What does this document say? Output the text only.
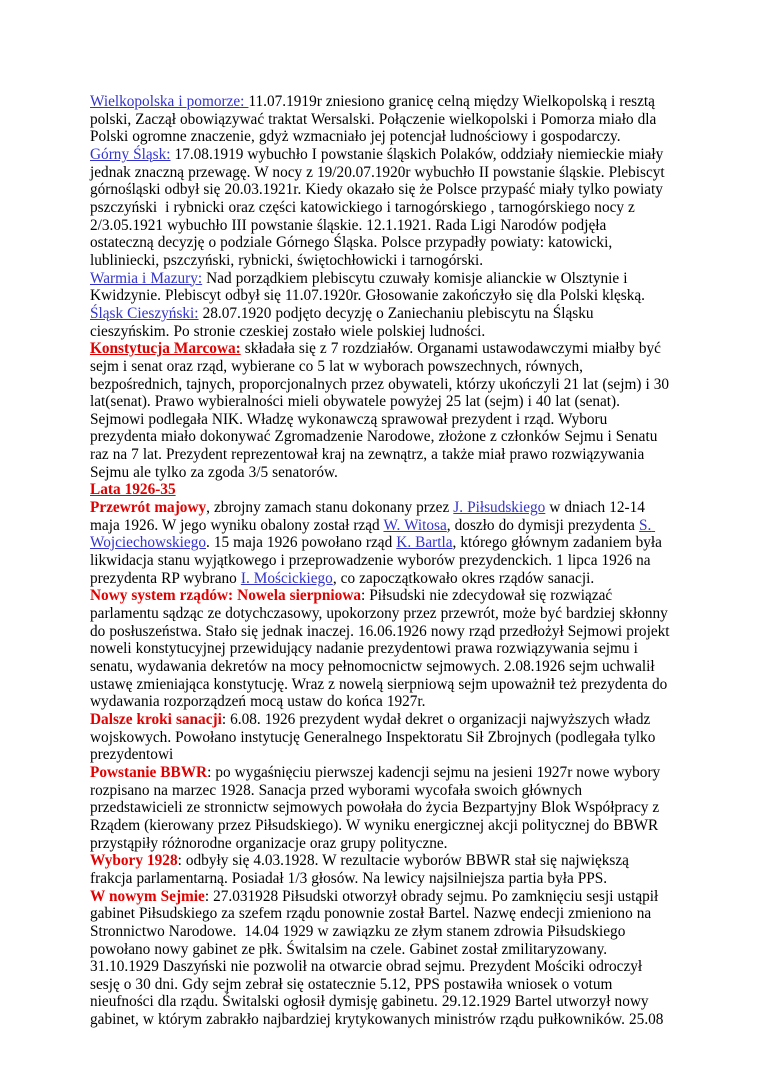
Wielkopolska i pomorze: 11.07.1919r zniesiono granicę celną między Wielkopolską i resztą polski, Zaczął obowiązywać traktat Wersalski. Połączenie wielkopolski i Pomorza miało dla Polski ogromne znaczenie, gdyż wzmacniało jej potencjał ludnościowy i gospodarczy.

Górny Śląsk: 17.08.1919 wybuchło I powstanie śląskich Polaków, oddziały niemieckie miały jednak znaczną przewagę. W nocy z 19/20.07.1920r wybuchło II powstanie śląskie. Plebiscyt górnośląski odbył się 20.03.1921r. Kiedy okazało się że Polsce przypaść miały tylko powiaty pszczyński  i rybnicki oraz części katowickiego i tarnogórskiego , tarnogórskiego nocy z 2/3.05.1921 wybuchło III powstanie śląskie. 12.1.1921. Rada Ligi Narodów podjęła ostateczną decyzję o podziale Górnego Śląska. Polsce przypadły powiaty: katowicki, lubliniecki, pszczyński, rybnicki, świętochłowicki i tarnogórski.

Warmia i Mazury: Nad porządkiem plebiscytu czuwały komisje alianckie w Olsztynie i Kwidzynie. Plebiscyt odbył się 11.07.1920r. Głosowanie zakończyło się dla Polski klęską.

Śląsk Cieszyński: 28.07.1920 podjęto decyzję o Zaniechaniu plebiscytu na Śląsku cieszyńskim. Po stronie czeskiej zostało wiele polskiej ludności.

Konstytucja Marcowa: składała się z 7 rozdziałów. Organami ustawodawczymi miałby być sejm i senat oraz rząd, wybierane co 5 lat w wyborach powszechnych, równych, bezpośrednich, tajnych, proporcjonalnych przez obywateli, którzy ukończyli 21 lat (sejm) i 30 lat(senat). Prawo wybieralności mieli obywatele powyżej 25 lat (sejm) i 40 lat (senat). Sejmowi podlegała NIK. Władzę wykonawczą sprawował prezydent i rząd. Wyboru prezydenta miało dokonywać Zgromadzenie Narodowe, złożone z członków Sejmu i Senatu raz na 7 lat. Prezydent reprezentował kraj na zewnątrz, a także miał prawo rozwiązywania Sejmu ale tylko za zgoda 3/5 senatorów.

Lata 1926-35

Przewrót majowy, zbrojny zamach stanu dokonany przez J. Piłsudskiego w dniach 12-14 maja 1926. W jego wyniku obalony został rząd W. Witosa, doszło do dymisji prezydenta S. Wojciechowskiego. 15 maja 1926 powołano rząd K. Bartla, którego głównym zadaniem była likwidacja stanu wyjątkowego i przeprowadzenie wyborów prezydenckich. 1 lipca 1926 na prezydenta RP wybrano I. Mościckiego, co zapoczątkowało okres rządów sanacji.

Nowy system rządów: Nowela sierpniowa: Piłsudski nie zdecydował się rozwiązać parlamentu sądząc ze dotychczasowy, upokorzony przez przewrót, może być bardziej skłonny do posłuszeństwa. Stało się jednak inaczej. 16.06.1926 nowy rząd przedłożył Sejmowi projekt noweli konstytucyjnej przewidujący nadanie prezydentowi prawa rozwiązywania sejmu i senatu, wydawania dekretów na mocy pełnomocnictw sejmowych. 2.08.1926 sejm uchwalił ustawę zmieniająca konstytucję. Wraz z nowelą sierpniową sejm upoważnił też prezydenta do wydawania rozporządzeń mocą ustaw do końca 1927r.

Dalsze kroki sanacji: 6.08. 1926 prezydent wydał dekret o organizacji najwyższych władz wojskowych. Powołano instytucję Generalnego Inspektoratu Sił Zbrojnych (podlegała tylko prezydentowi

Powstanie BBWR: po wygaśnięciu pierwszej kadencji sejmu na jesieni 1927r nowe wybory rozpisano na marzec 1928. Sanacja przed wyborami wycofała swoich głównych przedstawicieli ze stronnictw sejmowych powołała do życia Bezpartyjny Blok Współpracy z Rządem (kierowany przez Piłsudskiego). W wyniku energicznej akcji politycznej do BBWR przystąpiły różnorodne organizacje oraz grupy polityczne.

Wybory 1928: odbyły się 4.03.1928. W rezultacie wyborów BBWR stał się największą frakcja parlamentarną. Posiadał 1/3 głosów. Na lewicy najsilniejsza partia była PPS.

W nowym Sejmie: 27.031928 Piłsudski otworzył obrady sejmu. Po zamknięciu sesji ustąpił gabinet Piłsudskiego za szefem rządu ponownie został Bartel. Nazwę endecji zmieniono na Stronnictwo Narodowe.  14.04 1929 w zawiązku ze złym stanem zdrowia Piłsudskiego powołano nowy gabinet ze płk. Świtalsim na czele. Gabinet został zmilitaryzowany. 31.10.1929 Daszyński nie pozwolił na otwarcie obrad sejmu. Prezydent Mościki odroczył sesję o 30 dni. Gdy sejm zebrał się ostatecznie 5.12, PPS postawiła wniosek o votum nieufności dla rządu. Świtalski ogłosił dymisję gabinetu. 29.12.1929 Bartel utworzył nowy gabinet, w którym zabrakło najbardziej krytykowanych ministrów rządu pułkowników. 25.08
